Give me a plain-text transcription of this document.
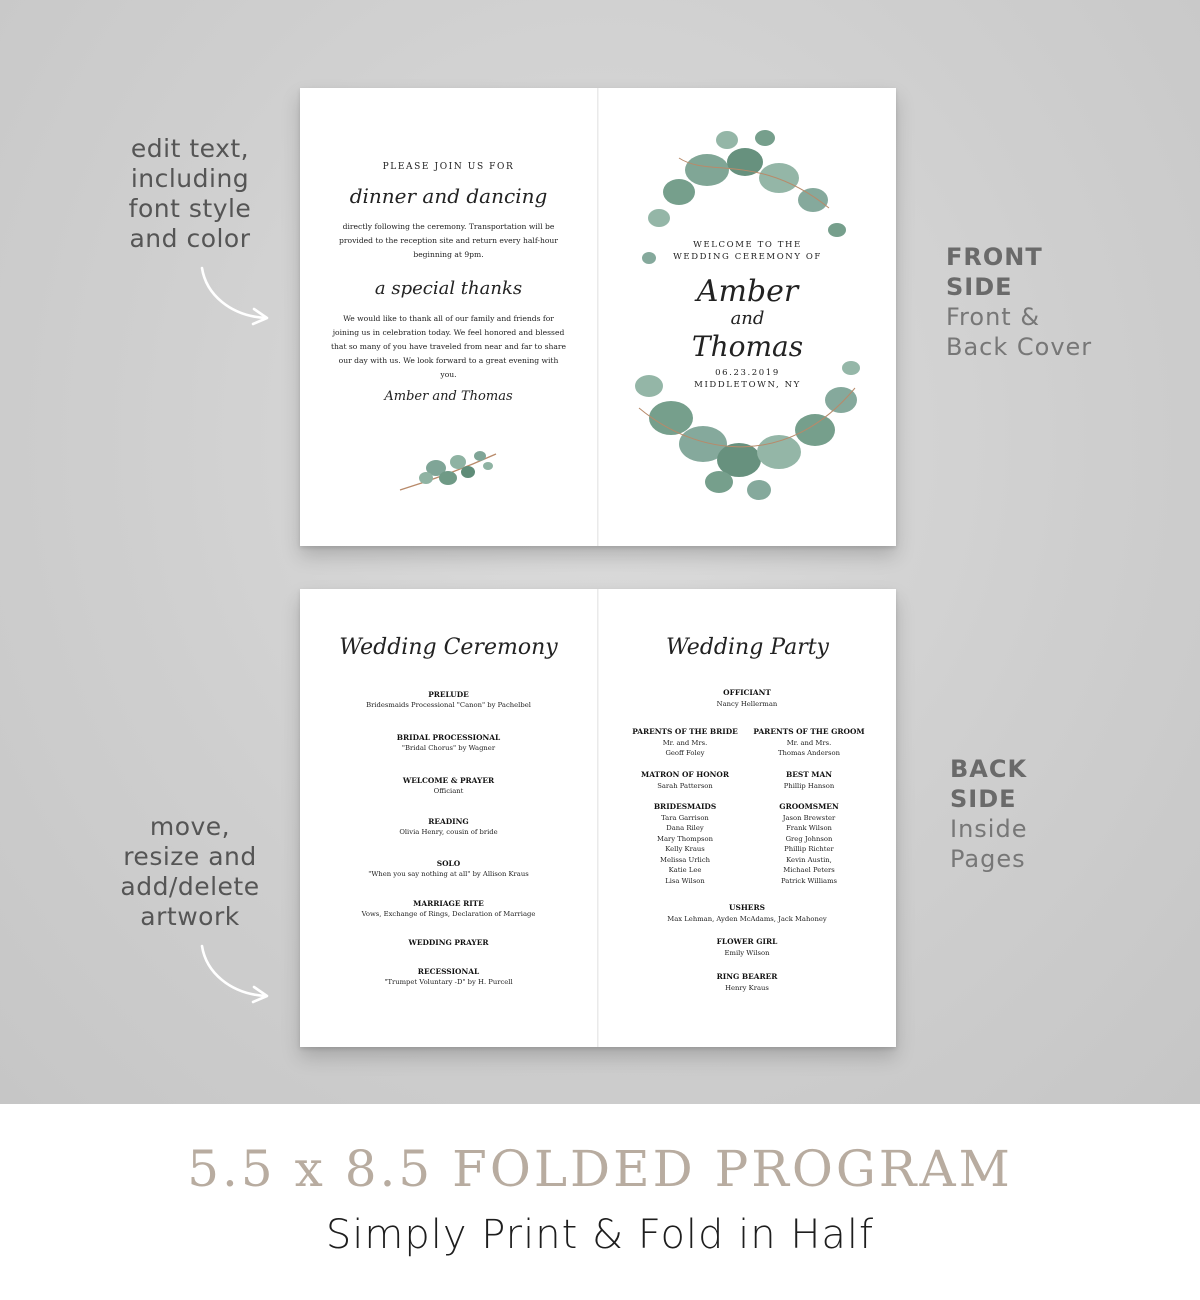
edit text,
including
font style
and color
move,
resize and
add/delete
artwork
FRONT
SIDE
Front &
Back Cover
BACK
SIDE
Inside
Pages
PLEASE JOIN US FOR
dinner and dancing
directly following the ceremony. Transportation will be provided to the reception site and return every half-hour beginning at 9pm.
a special thanks
We would like to thank all of our family and friends for joining us in celebration today. We feel honored and blessed that so many of you have traveled from near and far to share our day with us. We look forward to a great evening with you.
Amber and Thomas
WELCOME TO THE
WEDDING CEREMONY OF
Amber
and
Thomas
06.23.2019
MIDDLETOWN, NY
Wedding Ceremony
PRELUDE
Bridesmaids Processional "Canon" by Pachelbel
BRIDAL PROCESSIONAL
"Bridal Chorus" by Wagner
WELCOME & PRAYER
Officiant
READING
Olivia Henry, cousin of bride
SOLO
"When you say nothing at all" by Allison Kraus
MARRIAGE RITE
Vows, Exchange of Rings, Declaration of Marriage
WEDDING PRAYER
RECESSIONAL
"Trumpet Voluntary -D" by H. Purcell
Wedding Party
OFFICIANT
Nancy Hellerman
PARENTS OF THE BRIDE
Mr. and Mrs.
Geoff Foley
PARENTS OF THE GROOM
Mr. and Mrs.
Thomas Anderson
MATRON OF HONOR
Sarah Patterson
BEST MAN
Phillip Hanson
BRIDESMAIDS
Tara Garrison
Dana Riley
Mary Thompson
Kelly Kraus
Melissa Urlich
Katie Lee
Lisa Wilson
GROOMSMEN
Jason Brewster
Frank Wilson
Greg Johnson
Phillip Richter
Kevin Austin,
Michael Peters
Patrick Williams
USHERS
Max Lehman, Ayden McAdams, Jack Mahoney
FLOWER GIRL
Emily Wilson
RING BEARER
Henry Kraus
5.5 x 8.5 FOLDED PROGRAM
Simply Print & Fold in Half
